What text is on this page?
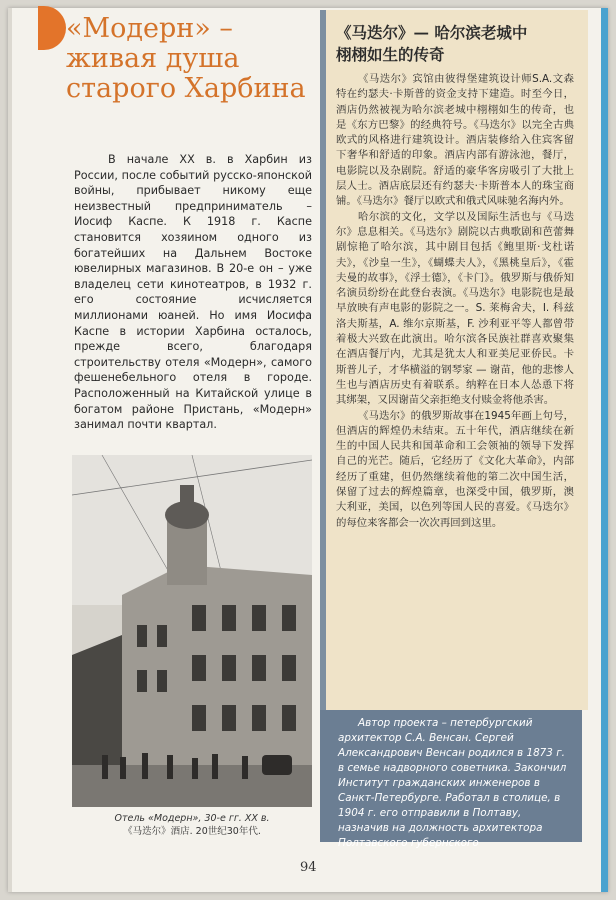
«Модерн» –
живая душа
старого Харбина
В начале XX в. в Харбин из России, после событий русско-японской войны, прибывает никому еще неизвестный предприниматель – Иосиф Каспе. К 1918 г. Каспе становится хозяином одного из богатейших на Дальнем Востоке ювелирных магазинов. В 20-е он – уже владелец сети кинотеатров, в 1932 г. его состояние исчисляется миллионами юаней. Но имя Иосифа Каспе в истории Харбина осталось, прежде всего, благодаря строительству отеля «Модерн», самого фешенебельного отеля в городе. Расположенный на Китайской улице в богатом районе Пристань, «Модерн» занимал почти квартал.
Отель «Модерн», 30-е гг. XX в.
《马迭尔》酒店. 20世纪30年代.
《马迭尔》— 哈尔滨老城中
栩栩如生的传奇

《马迭尔》宾馆由彼得堡建筑设计师S.A.文森特在约瑟夫·卡斯普的资金支持下建造。时至今日，酒店仍然被视为哈尔滨老城中栩栩如生的传奇，也是《东方巴黎》的经典符号。《马迭尔》以完全古典欧式的风格进行建筑设计。酒店装修给入住宾客留下奢华和舒适的印象。酒店内部有游泳池，餐厅，电影院以及杂剧院。舒适的豪华客房吸引了大批上层人士。酒店底层还有约瑟夫·卡斯普本人的珠宝商铺。《马迭尔》餐厅以欧式和俄式风味驰名海内外。

哈尔滨的文化，文学以及国际生活也与《马迭尔》息息相关。《马迭尔》剧院以古典歌剧和芭蕾舞剧惊艳了哈尔滨，其中剧目包括《鲍里斯·戈杜诺夫》，《沙皇一生》，《蝴蝶夫人》，《黑桃皇后》，《霍夫曼的故事》，《浮士德》，《卡门》。俄罗斯与俄侨知名演员纷纷在此登台表演。《马迭尔》电影院也是最早放映有声电影的影院之一。S. 莱梅舍夫，I. 科兹洛夫斯基，A. 维尔京斯基，F. 沙利亚平等人都曾带着极大兴致在此演出。哈尔滨各民族社群喜欢聚集在酒店餐厅内，尤其是犹太人和亚美尼亚侨民。卡斯普儿子，才华横溢的钢琴家 — 谢苗，他的悲惨人生也与酒店历史有着联系。纳粹在日本人怂恿下将其绑架，又因谢苗父亲拒绝支付赎金将他杀害。

《马迭尔》的俄罗斯故事在1945年画上句号，但酒店的辉煌仍未结束。五十年代，酒店继续在新生的中国人民共和国革命和工会领袖的领导下发挥自己的光芒。随后，它经历了《文化大革命》，内部经历了重建，但仍然继续着他的第二次中国生活，保留了过去的辉煌篇章，也深受中国，俄罗斯，澳大利亚，美国，以色列等国人民的喜爱。《马迭尔》的每位来客都会一次次再回到这里。

Автор проекта – петербургский архитектор С.А. Венсан. Сергей Александрович Венсан родился в 1873 г. в семье надворного советника. Закончил Институт гражданских инженеров в Санкт-Петербурге. Работал в столице, в 1904 г. его отправили в Полтаву, назначив на должность архитектора Полтавского губернского
94
